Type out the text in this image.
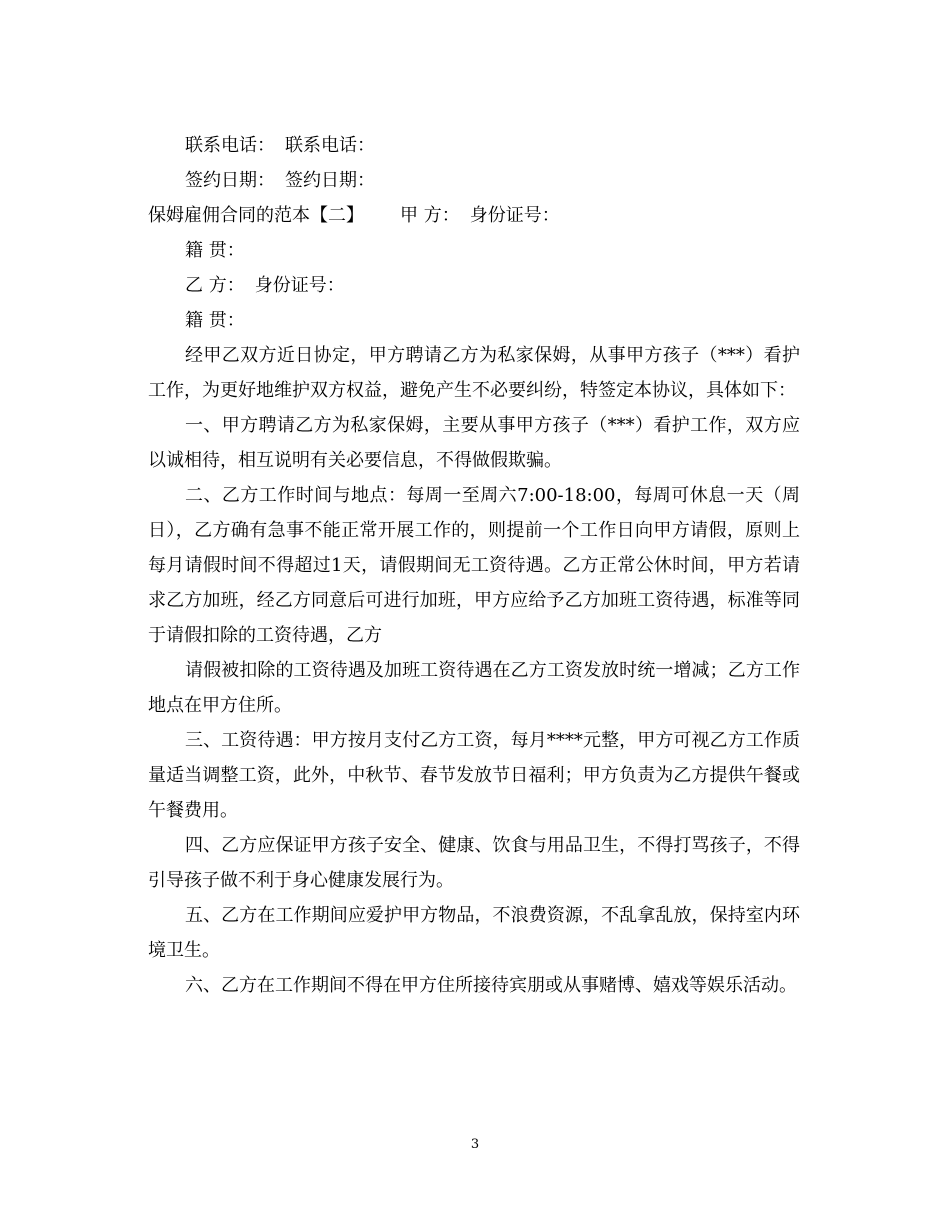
联系电话： 联系电话：
签约日期： 签约日期：
保姆雇佣合同的范本【二】 甲 方： 身份证号：
籍 贯：
乙 方： 身份证号：
籍 贯：

经甲乙双方近日协定，甲方聘请乙方为私家保姆，从事甲方孩子（***）看护工作，为更好地维护双方权益，避免产生不必要纠纷，特签定本协议，具体如下：

一、甲方聘请乙方为私家保姆，主要从事甲方孩子（***）看护工作，双方应以诚相待，相互说明有关必要信息，不得做假欺骗。

二、乙方工作时间与地点：每周一至周六7:00-18:00，每周可休息一天（周日），乙方确有急事不能正常开展工作的，则提前一个工作日向甲方请假，原则上每月请假时间不得超过1天，请假期间无工资待遇。乙方正常公休时间，甲方若请求乙方加班，经乙方同意后可进行加班，甲方应给予乙方加班工资待遇，标准等同于请假扣除的工资待遇，乙方

请假被扣除的工资待遇及加班工资待遇在乙方工资发放时统一增减；乙方工作地点在甲方住所。

三、工资待遇：甲方按月支付乙方工资，每月****元整，甲方可视乙方工作质量适当调整工资，此外，中秋节、春节发放节日福利；甲方负责为乙方提供午餐或午餐费用。

四、乙方应保证甲方孩子安全、健康、饮食与用品卫生，不得打骂孩子，不得引导孩子做不利于身心健康发展行为。

五、乙方在工作期间应爱护甲方物品，不浪费资源，不乱拿乱放，保持室内环境卫生。

六、乙方在工作期间不得在甲方住所接待宾朋或从事赌博、嬉戏等娱乐活动。

3
